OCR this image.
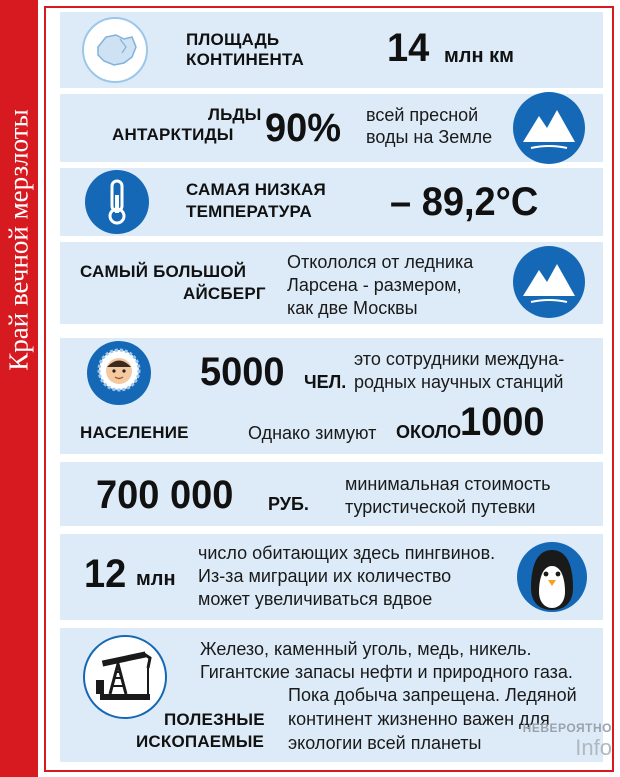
Край вечной мерзлоты
ПЛОЩАДЬ
КОНТИНЕНТА 14 млн км
ЛЬДЫ
АНТАРКТИДЫ 90% всей пресной
воды на Земле
САМАЯ НИЗКАЯ
ТЕМПЕРАТУРА – 89,2°С
САМЫЙ БОЛЬШОЙ
АЙСБЕРГ
Откололся от ледника
Ларсена - размером,
как две Москвы
5000 ЧЕЛ.
это сотрудники междуна-
родных научных станций
НАСЕЛЕНИЕ	Однако зимуют ОКОЛО
1000
700 000 РУБ.
минимальная стоимость
туристической путевки
12 млн
число обитающих здесь пингвинов.
Из-за миграции их количество
может увеличиваться вдвое
Железо, каменный уголь, медь, никель.
Гигантские запасы нефти и природного газа.
Пока добыча запрещена. Ледяной
континент жизненно важен для
экологии всей планеты
ПОЛЕЗНЫЕ
ИСКОПАЕМЫЕ
НЕВЕРОЯТНО
Info
